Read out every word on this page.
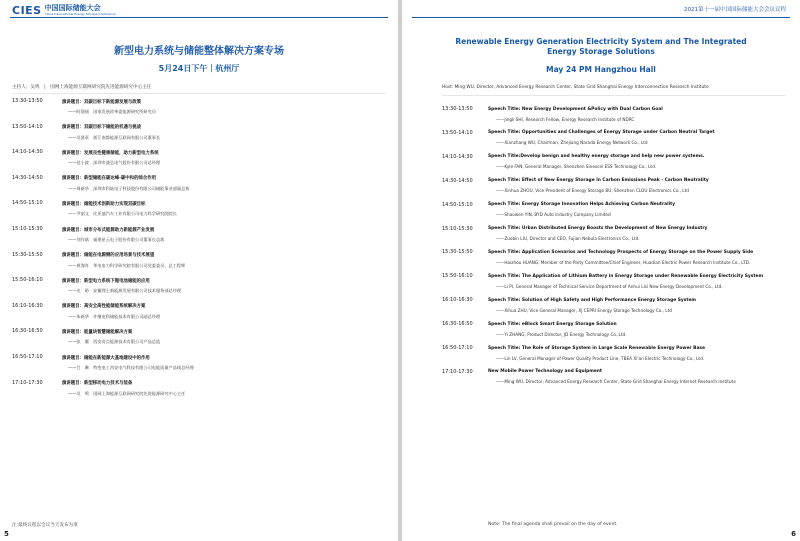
CIES 中国国际储能大会
China International Energy Storage Conference
新型电力系统与储能整体解决方案专场
5月24日下午｜杭州厅
主持人：吴鸣　|　国网上海能源互联网研究院先进能源研究中心主任
13:30-13:50	演讲题目：双碳目标下新能源发展与政策
——时璟丽　国家发展改革委能源研究所研究员
13:50-14:10	演讲题目：双碳目标下储能的机遇与挑战
——吴贤章　浙江南都能源互联网有限公司董事长
14:10-14:30	演讲题目：发展良性健康储能，助力新型电力系统
——范小波　深圳市盛弘电气股份有限公司总经理
14:30-14:50	演讲题目：新型储能在碳达峰-碳中和的综合作用
——周新华　深圳市科陆电子科技股份有限公司储能事业部副总裁
14:50-15:10	演讲题目：储能技术创新助力实现双碳目标
——尹韶文　比亚迪汽车工业有限公司电力科学研究院院长
15:10-15:30	演讲题目：城市分布式能源助力新能源产业发展
——刘作斌　福建星云电子股份有限公司董事长总裁
15:30-15:50	演讲题目：储能在电源侧的应用场景与技术展望
——黄海舟　华电电力科学研究院有限公司党委委员、总工程师
15:50-16:10	演讲题目：新型电力系统下锂电池储能的应用
——皮　昉　安徽理士新能源发展有限公司技术服务部总经理
16:10-16:30	演讲题目：高安全高性能储能系统解决方案
——朱新华　许继电科储能技术有限公司副总经理
16:30-16:50	演讲题目：能量块智慧储能解决方案
——张　翼　西安奇点能源技术有限公司产品总监
16:50-17:10	演讲题目：储能在新能源大基地建设中的作用
——吕　琳　特变电工西安电气科技有限公司电能质量产品线总经理
17:10-17:30	演讲题目：新型移动电力技术与装备
——吴　鸣　国网上海能源互联网研究院先进能源研究中心主任
注:最终议程以会议当天发布为准
5
2021第十一届中国国际储能大会会议议程
Renewable Energy Generation Electricity System and The Integrated
Energy Storage Solutions
May 24 PM Hangzhou Hall
Host: Ming WU, Director, Advanced Energy Research Center, State Grid Shanghai Energy Interconnection Research Institute
13:30-13:50	Speech Title: New Energy Development &Policy with Dual Carbon Goal
——Jingli SHI, Research Fellow, Energy Research Institute of NDRC
13:50-14:10	Speech Title: Opportunities and Challenges of Energy Storage under Carbon Neutral Target
——Xianzhang WU, Chairman, Zhejiang Narada Energy Network Co., Ltd
14:10-14:30	Speech Title:Develop benign and healthy energy storage and help new power systems.
——Kyle FAN, General Manager, Shenzhen Sinexcel ESS Technology Co., Ltd.
14:30-14:50	Speech Title: Effect of New Energy Storage in Carbon Emissions Peak - Carbon Neutrality
——Xinhua ZHOU, Vice President of Energy Storage BU, Shenzhen CLOU Electronics Co., Ltd
14:50-15:10	Speech Title: Energy Storage Innovation Helps Achieving Carbon Neutrality
——Shaowen YIN, BYD Auto Industry Company Limited
15:10-15:30	Speech Title: Urban Distributed Energy Boosts the Development of New Energy Industry
——Zuobin LIU, Director and CEO, Fujian Nebula Electronics Co., Ltd.
15:30-15:50	Speech Title: Application Scenarios and Technology Prospects of Energy Storage on the Power Supply Side
——Haizhou HUANG, Member of the Party Committee/Chief Engineer, Huadian Electric Power Research Institute Co., LTD.
15:50-16:10	Speech Title: The Application of Lithium Battery in Energy Storage under Renewable Energy Electricity System
——Li PI, General Manager of Technical Service Department of Anhui Lisi New Energy Development Co., Ltd.
16:10-16:30	Speech Title: Solution of High Safety and High Performance Energy Storage System
——Xihua ZHU, Vice General Manager, XJ CEPRI Energy Storage Technology Co., Ltd
16:30-16:50	Speech Title: eBlock Smart Energy Storage Solution
——Yi ZHANG, Product Director, JD Energy Technology Co.,Ltd.
16:50-17:10	Speech Title: The Role of Storage System in Large Scale Renewable Energy Power Base
——Lin LV, General Manager of Power Quality Product Line, TBEA Xi'an Electric Technology Co., Ltd.
17:10-17:30	New Mobile Power Technology and Equipment
——Ming WU, Director, Advanced Energy Research Center, State Grid Shanghai Energy Internet Research Institute
Note: The final agenda shall prevail on the day of event.
6
